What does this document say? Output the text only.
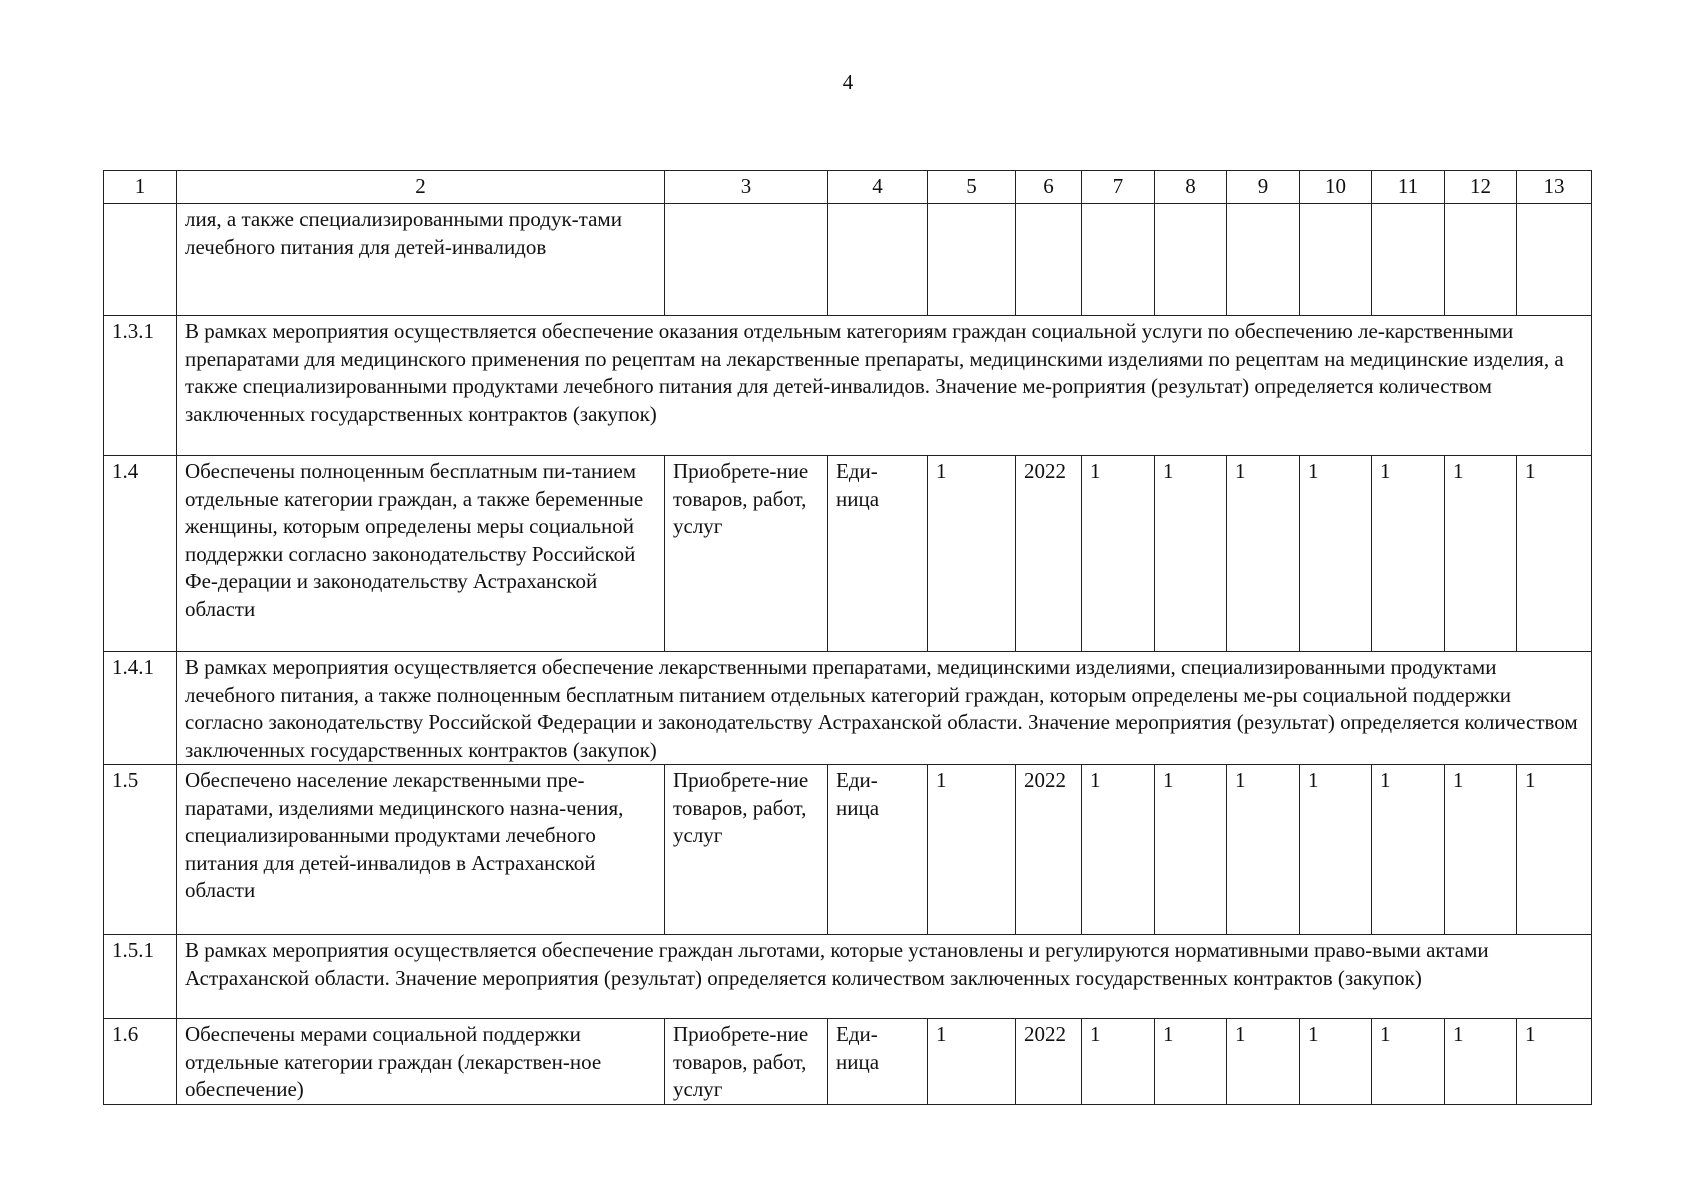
4
1	2	3	4	5	6	7	8	9	10	11	12	13
	лия, а также специализированными продук-тами лечебного питания для детей-инвалидов											
1.3.1	В рамках мероприятия осуществляется обеспечение оказания отдельным категориям граждан социальной услуги по обеспечению ле-карственными препаратами для медицинского применения по рецептам на лекарственные препараты, медицинскими изделиями по рецептам на медицинские изделия, а также специализированными продуктами лечебного питания для детей-инвалидов. Значение ме-роприятия (результат) определяется количеством заключенных государственных контрактов (закупок)											
1.4	Обеспечены полноценным бесплатным пи-танием отдельные категории граждан, а также беременные женщины, которым определены меры социальной поддержки согласно законодательству Российской Фе-дерации и законодательству Астраханской области	Приобрете-ние товаров, работ, услуг	Еди-ница	1	2022	1	1	1	1	1	1	1
1.4.1	В рамках мероприятия осуществляется обеспечение лекарственными препаратами, медицинскими изделиями, специализированными продуктами лечебного питания, а также полноценным бесплатным питанием отдельных категорий граждан, которым определены ме-ры социальной поддержки согласно законодательству Российской Федерации и законодательству Астраханской области. Значение мероприятия (результат) определяется количеством заключенных государственных контрактов (закупок)											
1.5	Обеспечено население лекарственными пре-паратами, изделиями медицинского назна-чения, специализированными продуктами лечебного питания для детей-инвалидов в Астраханской области	Приобрете-ние товаров, работ, услуг	Еди-ница	1	2022	1	1	1	1	1	1	1
1.5.1	В рамках мероприятия осуществляется обеспечение граждан льготами, которые установлены и регулируются нормативными право-выми актами Астраханской области. Значение мероприятия (результат) определяется количеством заключенных государственных контрактов (закупок)											
1.6	Обеспечены мерами социальной поддержки отдельные категории граждан (лекарствен-ное обеспечение)	Приобрете-ние товаров, работ, услуг	Еди-ница	1	2022	1	1	1	1	1	1	1
